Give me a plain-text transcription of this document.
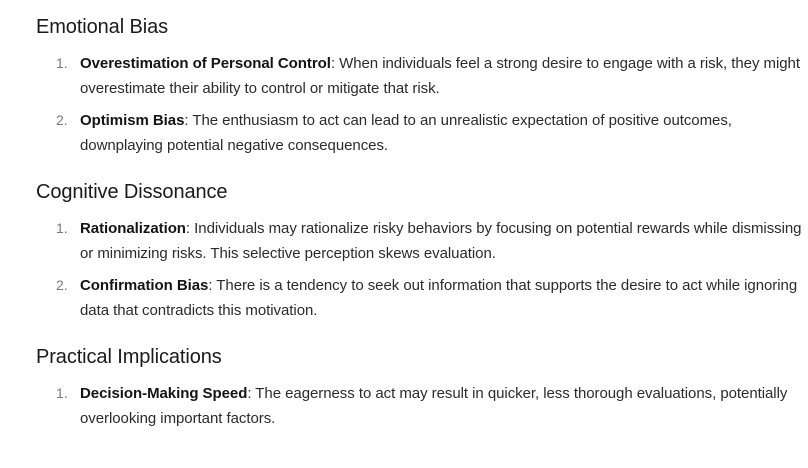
Emotional Bias
1. Overestimation of Personal Control: When individuals feel a strong desire to engage with a risk, they might overestimate their ability to control or mitigate that risk.
2. Optimism Bias: The enthusiasm to act can lead to an unrealistic expectation of positive outcomes, downplaying potential negative consequences.
Cognitive Dissonance
1. Rationalization: Individuals may rationalize risky behaviors by focusing on potential rewards while dismissing or minimizing risks. This selective perception skews evaluation.
2. Confirmation Bias: There is a tendency to seek out information that supports the desire to act while ignoring data that contradicts this motivation.
Practical Implications
1. Decision-Making Speed: The eagerness to act may result in quicker, less thorough evaluations, potentially overlooking important factors.
